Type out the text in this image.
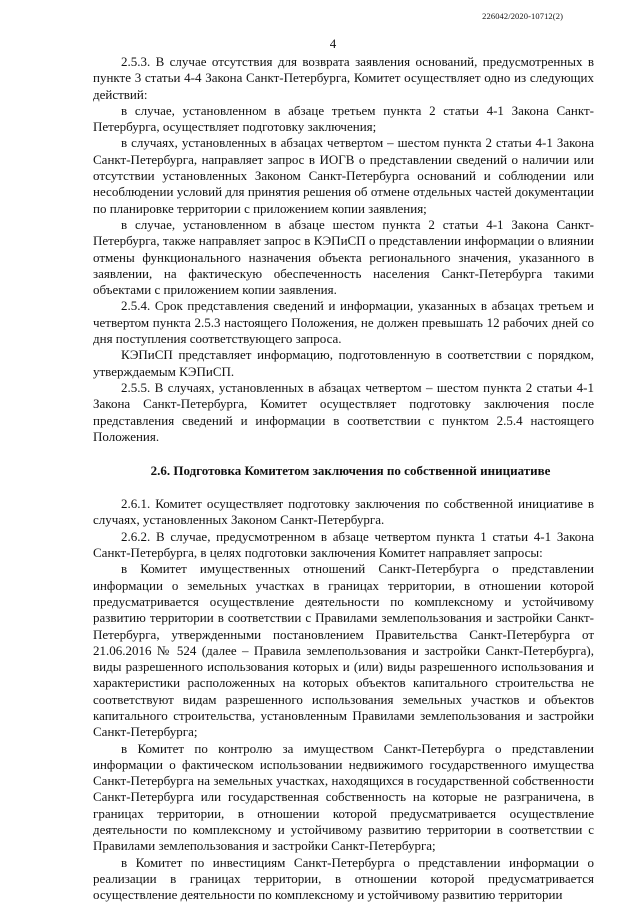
226042/2020-10712(2)
4

2.5.3. В случае отсутствия для возврата заявления оснований, предусмотренных в пункте 3 статьи 4-4 Закона Санкт-Петербурга, Комитет осуществляет одно из следующих действий:

в случае, установленном в абзаце третьем пункта 2 статьи 4-1 Закона Санкт-Петербурга, осуществляет подготовку заключения;

в случаях, установленных в абзацах четвертом – шестом пункта 2 статьи 4-1 Закона Санкт-Петербурга, направляет запрос в ИОГВ о представлении сведений о наличии или отсутствии установленных Законом Санкт-Петербурга оснований и соблюдении или несоблюдении условий для принятия решения об отмене отдельных частей документации по планировке территории с приложением копии заявления;

в случае, установленном в абзаце шестом пункта 2 статьи 4-1 Закона Санкт-Петербурга, также направляет запрос в КЭПиСП о представлении информации о влиянии отмены функционального назначения объекта регионального значения, указанного в заявлении, на фактическую обеспеченность населения Санкт-Петербурга такими объектами с приложением копии заявления.

2.5.4. Срок представления сведений и информации, указанных в абзацах третьем и четвертом пункта 2.5.3 настоящего Положения, не должен превышать 12 рабочих дней со дня поступления соответствующего запроса.

КЭПиСП представляет информацию, подготовленную в соответствии с порядком, утверждаемым КЭПиСП.

2.5.5. В случаях, установленных в абзацах четвертом – шестом пункта 2 статьи 4-1 Закона Санкт-Петербурга, Комитет осуществляет подготовку заключения после представления сведений и информации в соответствии с пунктом 2.5.4 настоящего Положения.

2.6. Подготовка Комитетом заключения по собственной инициативе

2.6.1. Комитет осуществляет подготовку заключения по собственной инициативе в случаях, установленных Законом Санкт-Петербурга.

2.6.2. В случае, предусмотренном в абзаце четвертом пункта 1 статьи 4-1 Закона Санкт-Петербурга, в целях подготовки заключения Комитет направляет запросы:

в Комитет имущественных отношений Санкт-Петербурга о представлении информации о земельных участках в границах территории, в отношении которой предусматривается осуществление деятельности по комплексному и устойчивому развитию территории в соответствии с Правилами землепользования и застройки Санкт-Петербурга, утвержденными постановлением Правительства Санкт-Петербурга от 21.06.2016 № 524 (далее – Правила землепользования и застройки Санкт-Петербурга), виды разрешенного использования которых и (или) виды разрешенного использования и характеристики расположенных на которых объектов капитального строительства не соответствуют видам разрешенного использования земельных участков и объектов капитального строительства, установленным Правилами землепользования и застройки Санкт-Петербурга;

в Комитет по контролю за имуществом Санкт-Петербурга о представлении информации о фактическом использовании недвижимого государственного имущества Санкт-Петербурга на земельных участках, находящихся в государственной собственности Санкт-Петербурга или государственная собственность на которые не разграничена, в границах территории, в отношении которой предусматривается осуществление деятельности по комплексному и устойчивому развитию территории в соответствии с Правилами землепользования и застройки Санкт-Петербурга;

в Комитет по инвестициям Санкт-Петербурга о представлении информации о реализации в границах территории, в отношении которой предусматривается осуществление деятельности по комплексному и устойчивому развитию территории
